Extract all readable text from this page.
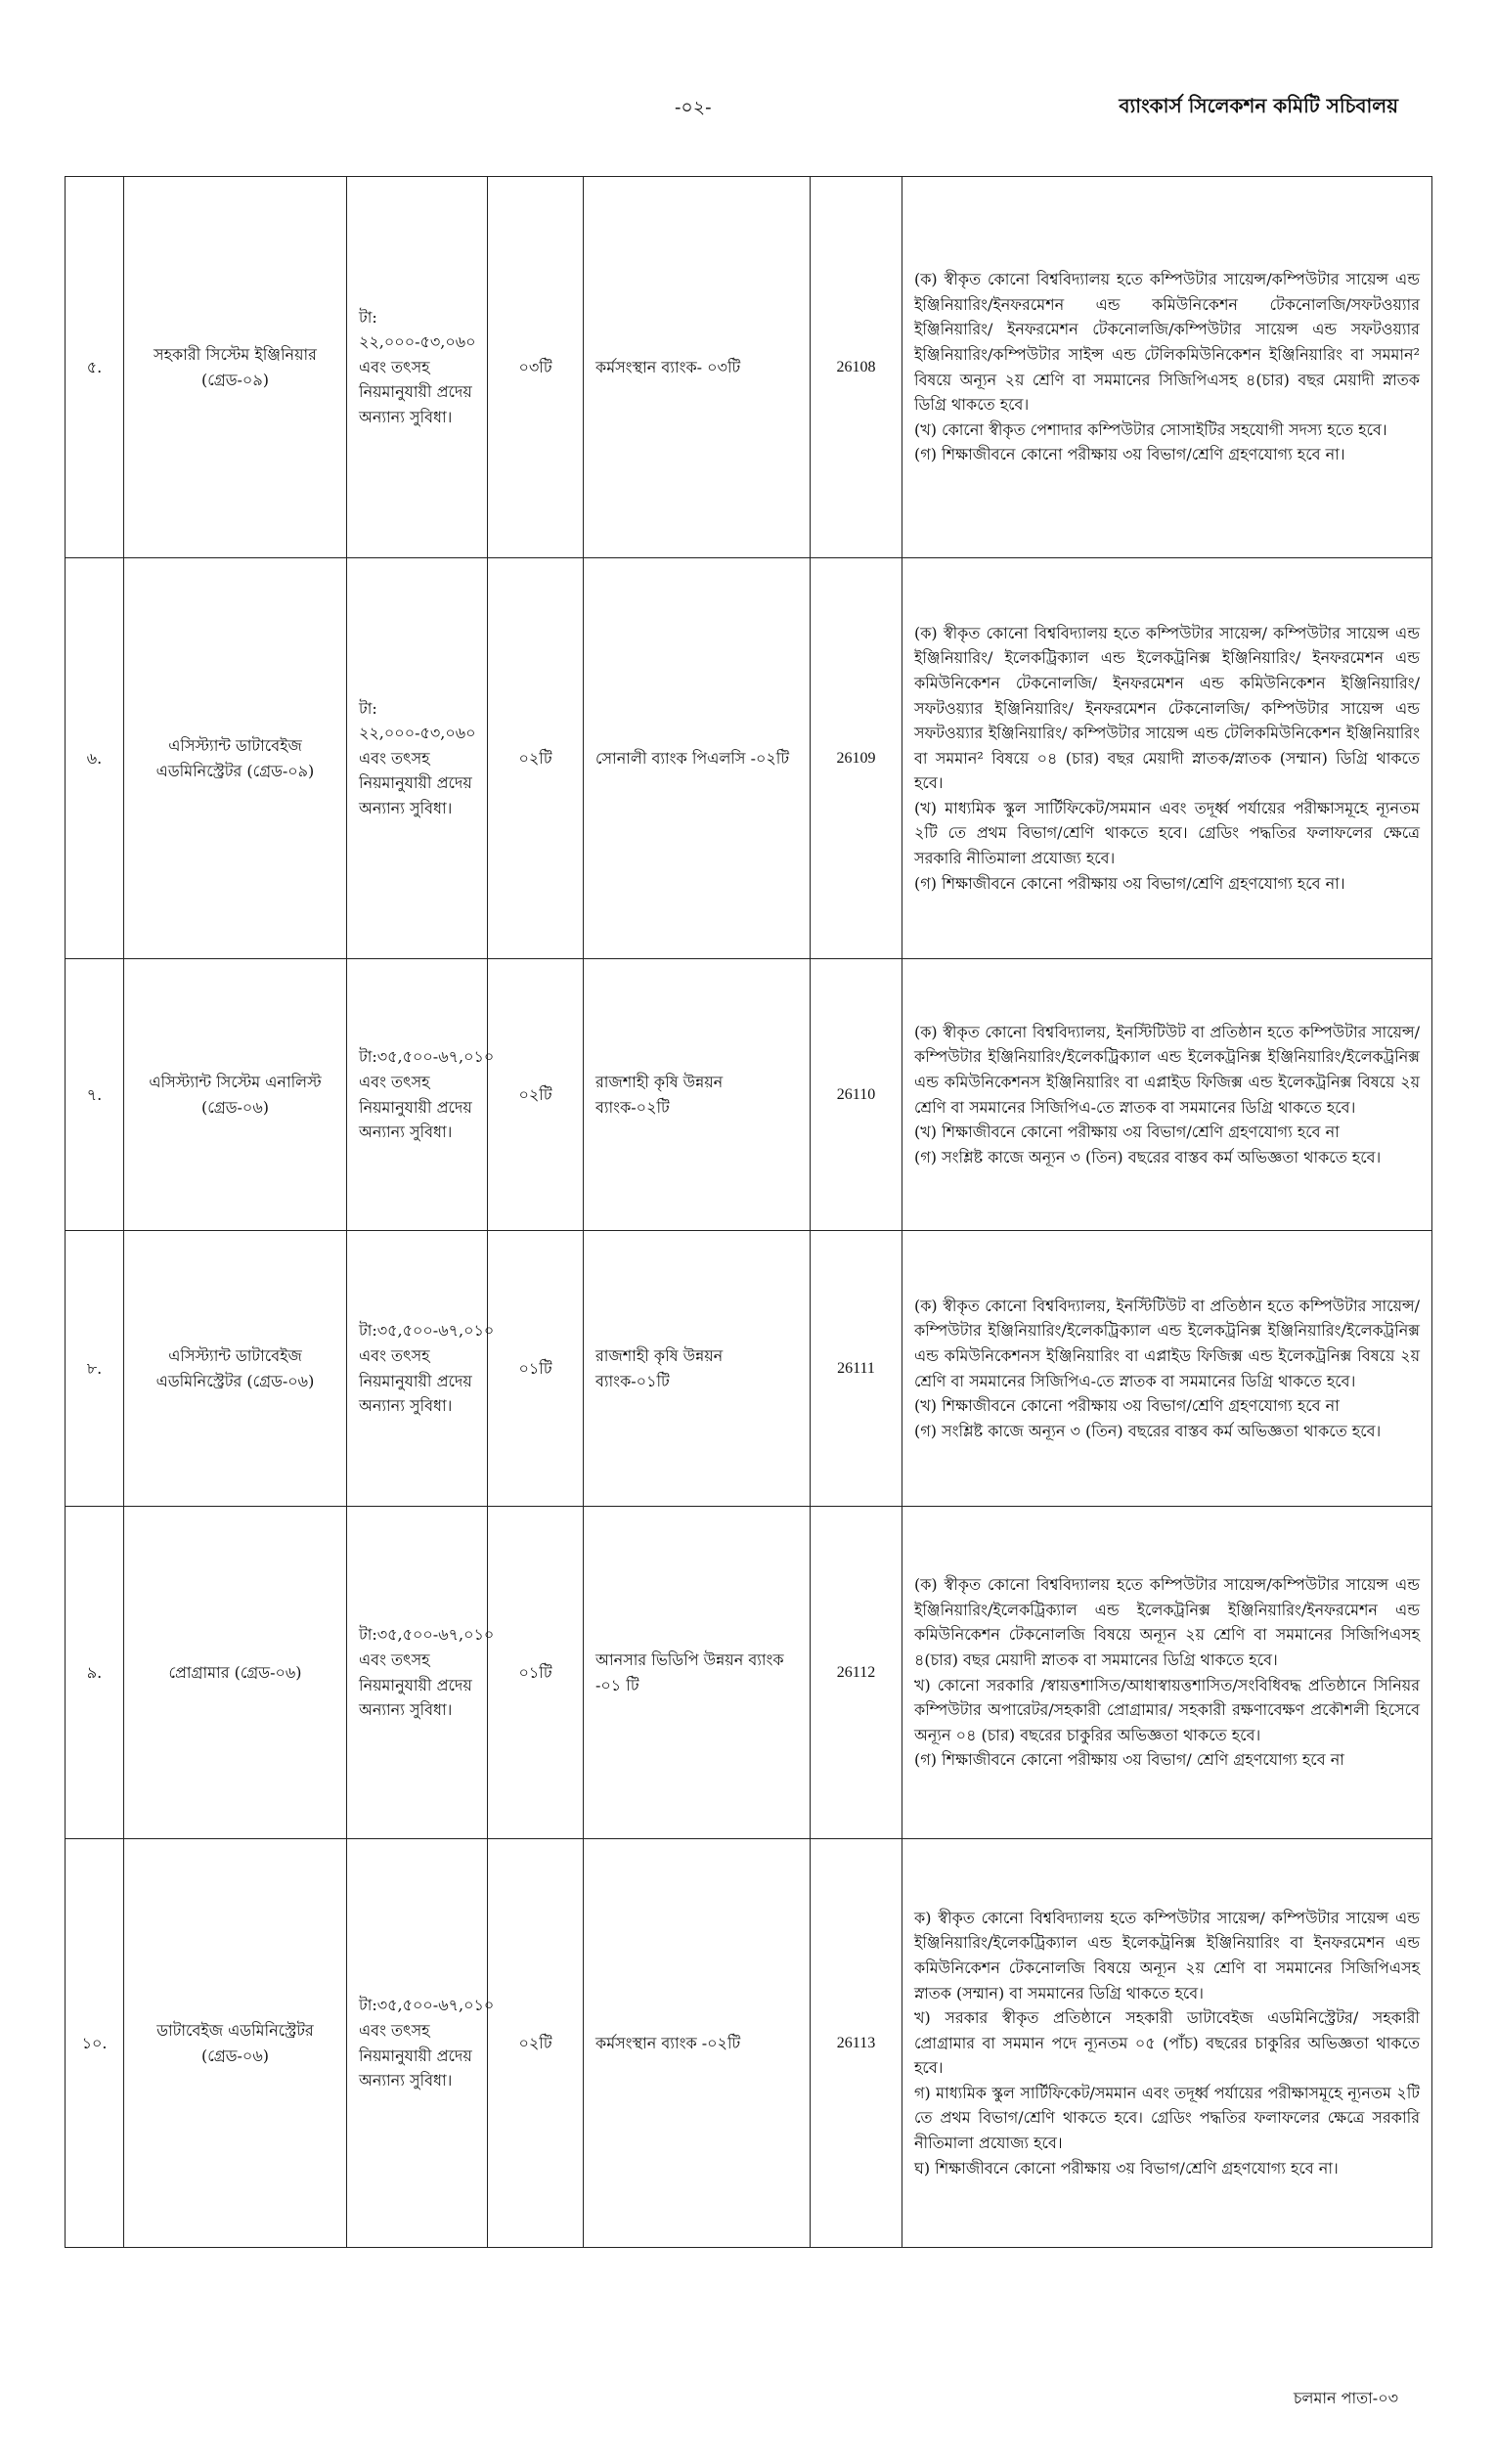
-০২-	ব্যাংকার্স সিলেকশন কমিটি সচিবালয়
৫.	সহকারী সিস্টেম ইঞ্জিনিয়ার (গ্রেড-০৯)	টা: ২২,০০০-৫৩,০৬০ এবং তৎসহ নিয়মানুযায়ী প্রদেয় অন্যান্য সুবিধা।	০৩টি	কর্মসংস্থান ব্যাংক- ০৩টি	26108	(ক) স্বীকৃত কোনো বিশ্ববিদ্যালয় হতে কম্পিউটার সায়েন্স/কম্পিউটার সায়েন্স এন্ড ইঞ্জিনিয়ারিং/ইনফরমেশন এন্ড কমিউনিকেশন টেকনোলজি/সফটওয়্যার ইঞ্জিনিয়ারিং/ ইনফরমেশন টেকনোলজি/কম্পিউটার সায়েন্স এন্ড সফটওয়্যার ইঞ্জিনিয়ারিং/কম্পিউটার সাইন্স এন্ড টেলিকমিউনিকেশন ইঞ্জিনিয়ারিং বা সমমান² বিষয়ে অন্যূন ২য় শ্রেণি বা সমমানের সিজিপিএসহ ৪(চার) বছর মেয়াদী স্নাতক ডিগ্রি থাকতে হবে।
(খ) কোনো স্বীকৃত পেশাদার কম্পিউটার সোসাইটির সহযোগী সদস্য হতে হবে।
(গ) শিক্ষাজীবনে কোনো পরীক্ষায় ৩য় বিভাগ/শ্রেণি গ্রহণযোগ্য হবে না।

৬.	এসিস্ট্যান্ট ডাটাবেইজ এডমিনিস্ট্রেটর (গ্রেড-০৯)	টা: ২২,০০০-৫৩,০৬০ এবং তৎসহ নিয়মানুযায়ী প্রদেয় অন্যান্য সুবিধা।	০২টি	সোনালী ব্যাংক পিএলসি -০২টি	26109	(ক) স্বীকৃত কোনো বিশ্ববিদ্যালয় হতে কম্পিউটার সায়েন্স/ কম্পিউটার সায়েন্স এন্ড ইঞ্জিনিয়ারিং/ ইলেকট্রিক্যাল এন্ড ইলেকট্রনিক্স ইঞ্জিনিয়ারিং/ ইনফরমেশন এন্ড কমিউনিকেশন টেকনোলজি/ ইনফরমেশন এন্ড কমিউনিকেশন ইঞ্জিনিয়ারিং/ সফটওয়্যার ইঞ্জিনিয়ারিং/ ইনফরমেশন টেকনোলজি/ কম্পিউটার সায়েন্স এন্ড সফটওয়্যার ইঞ্জিনিয়ারিং/ কম্পিউটার সায়েন্স এন্ড টেলিকমিউনিকেশন ইঞ্জিনিয়ারিং বা সমমান² বিষয়ে ০৪ (চার) বছর মেয়াদী স্নাতক/স্নাতক (সম্মান) ডিগ্রি থাকতে হবে।
(খ) মাধ্যমিক স্কুল সার্টিফিকেট/সমমান এবং তদূর্ধ্ব পর্যায়ের পরীক্ষাসমূহে ন্যূনতম ২টি তে প্রথম বিভাগ/শ্রেণি থাকতে হবে। গ্রেডিং পদ্ধতির ফলাফলের ক্ষেত্রে সরকারি নীতিমালা প্রযোজ্য হবে।
(গ) শিক্ষাজীবনে কোনো পরীক্ষায় ৩য় বিভাগ/শ্রেণি গ্রহণযোগ্য হবে না।

৭.	এসিস্ট্যান্ট সিস্টেম এনালিস্ট (গ্রেড-০৬)	টা:৩৫,৫০০-৬৭,০১০ এবং তৎসহ নিয়মানুযায়ী প্রদেয় অন্যান্য সুবিধা।	০২টি	রাজশাহী কৃষি উন্নয়ন ব্যাংক-০২টি	26110	(ক) স্বীকৃত কোনো বিশ্ববিদ্যালয়, ইনস্টিটিউট বা প্রতিষ্ঠান হতে কম্পিউটার সায়েন্স/কম্পিউটার ইঞ্জিনিয়ারিং/ইলেকট্রিক্যাল এন্ড ইলেকট্রনিক্স ইঞ্জিনিয়ারিং/ইলেকট্রনিক্স এন্ড কমিউনিকেশনস ইঞ্জিনিয়ারিং বা এপ্লাইড ফিজিক্স এন্ড ইলেকট্রনিক্স বিষয়ে ২য় শ্রেণি বা সমমানের সিজিপিএ-তে স্নাতক বা সমমানের ডিগ্রি থাকতে হবে।
(খ) শিক্ষাজীবনে কোনো পরীক্ষায় ৩য় বিভাগ/শ্রেণি গ্রহণযোগ্য হবে না
(গ) সংশ্লিষ্ট কাজে অন্যূন ৩ (তিন) বছরের বাস্তব কর্ম অভিজ্ঞতা থাকতে হবে।

৮.	এসিস্ট্যান্ট ডাটাবেইজ এডমিনিস্ট্রেটর (গ্রেড-০৬)	টা:৩৫,৫০০-৬৭,০১০ এবং তৎসহ নিয়মানুযায়ী প্রদেয় অন্যান্য সুবিধা।	০১টি	রাজশাহী কৃষি উন্নয়ন ব্যাংক-০১টি	26111	(ক) স্বীকৃত কোনো বিশ্ববিদ্যালয়, ইনস্টিটিউট বা প্রতিষ্ঠান হতে কম্পিউটার সায়েন্স/কম্পিউটার ইঞ্জিনিয়ারিং/ইলেকট্রিক্যাল এন্ড ইলেকট্রনিক্স ইঞ্জিনিয়ারিং/ইলেকট্রনিক্স এন্ড কমিউনিকেশনস ইঞ্জিনিয়ারিং বা এপ্লাইড ফিজিক্স এন্ড ইলেকট্রনিক্স বিষয়ে ২য় শ্রেণি বা সমমানের সিজিপিএ-তে স্নাতক বা সমমানের ডিগ্রি থাকতে হবে।
(খ) শিক্ষাজীবনে কোনো পরীক্ষায় ৩য় বিভাগ/শ্রেণি গ্রহণযোগ্য হবে না
(গ) সংশ্লিষ্ট কাজে অন্যূন ৩ (তিন) বছরের বাস্তব কর্ম অভিজ্ঞতা থাকতে হবে।

৯.	প্রোগ্রামার (গ্রেড-০৬)	টা:৩৫,৫০০-৬৭,০১০ এবং তৎসহ নিয়মানুযায়ী প্রদেয় অন্যান্য সুবিধা।	০১টি	আনসার ভিডিপি উন্নয়ন ব্যাংক -০১ টি	26112	(ক) স্বীকৃত কোনো বিশ্ববিদ্যালয় হতে কম্পিউটার সায়েন্স/কম্পিউটার সায়েন্স এন্ড ইঞ্জিনিয়ারিং/ইলেকট্রিক্যাল এন্ড ইলেকট্রনিক্স ইঞ্জিনিয়ারিং/ইনফরমেশন এন্ড কমিউনিকেশন টেকনোলজি বিষয়ে অন্যূন ২য় শ্রেণি বা সমমানের সিজিপিএসহ ৪(চার) বছর মেয়াদী স্নাতক বা সমমানের ডিগ্রি থাকতে হবে।
খ) কোনো সরকারি /স্বায়ত্তশাসিত/আধাস্বায়ত্তশাসিত/সংবিধিবদ্ধ প্রতিষ্ঠানে সিনিয়র কম্পিউটার অপারেটর/সহকারী প্রোগ্রামার/ সহকারী রক্ষণাবেক্ষণ প্রকৌশলী হিসেবে অন্যূন ০৪ (চার) বছরের চাকুরির অভিজ্ঞতা থাকতে হবে।
(গ) শিক্ষাজীবনে কোনো পরীক্ষায় ৩য় বিভাগ/ শ্রেণি গ্রহণযোগ্য হবে না

১০.	ডাটাবেইজ এডমিনিস্ট্রেটর (গ্রেড-০৬)	টা:৩৫,৫০০-৬৭,০১০ এবং তৎসহ নিয়মানুযায়ী প্রদেয় অন্যান্য সুবিধা।	০২টি	কর্মসংস্থান ব্যাংক -০২টি	26113	ক) স্বীকৃত কোনো বিশ্ববিদ্যালয় হতে কম্পিউটার সায়েন্স/ কম্পিউটার সায়েন্স এন্ড ইঞ্জিনিয়ারিং/ইলেকট্রিক্যাল এন্ড ইলেকট্রনিক্স ইঞ্জিনিয়ারিং বা ইনফরমেশন এন্ড কমিউনিকেশন টেকনোলজি বিষয়ে অন্যূন ২য় শ্রেণি বা সমমানের সিজিপিএসহ স্নাতক (সম্মান) বা সমমানের ডিগ্রি থাকতে হবে।
খ) সরকার স্বীকৃত প্রতিষ্ঠানে সহকারী ডাটাবেইজ এডমিনিস্ট্রেটর/ সহকারী প্রোগ্রামার বা সমমান পদে ন্যূনতম ০৫ (পাঁচ) বছরের চাকুরির অভিজ্ঞতা থাকতে হবে।
গ) মাধ্যমিক স্কুল সার্টিফিকেট/সমমান এবং তদূর্ধ্ব পর্যায়ের পরীক্ষাসমূহে ন্যূনতম ২টি তে প্রথম বিভাগ/শ্রেণি থাকতে হবে। গ্রেডিং পদ্ধতির ফলাফলের ক্ষেত্রে সরকারি নীতিমালা প্রযোজ্য হবে।
ঘ) শিক্ষাজীবনে কোনো পরীক্ষায় ৩য় বিভাগ/শ্রেণি গ্রহণযোগ্য হবে না।
চলমান পাতা-০৩
